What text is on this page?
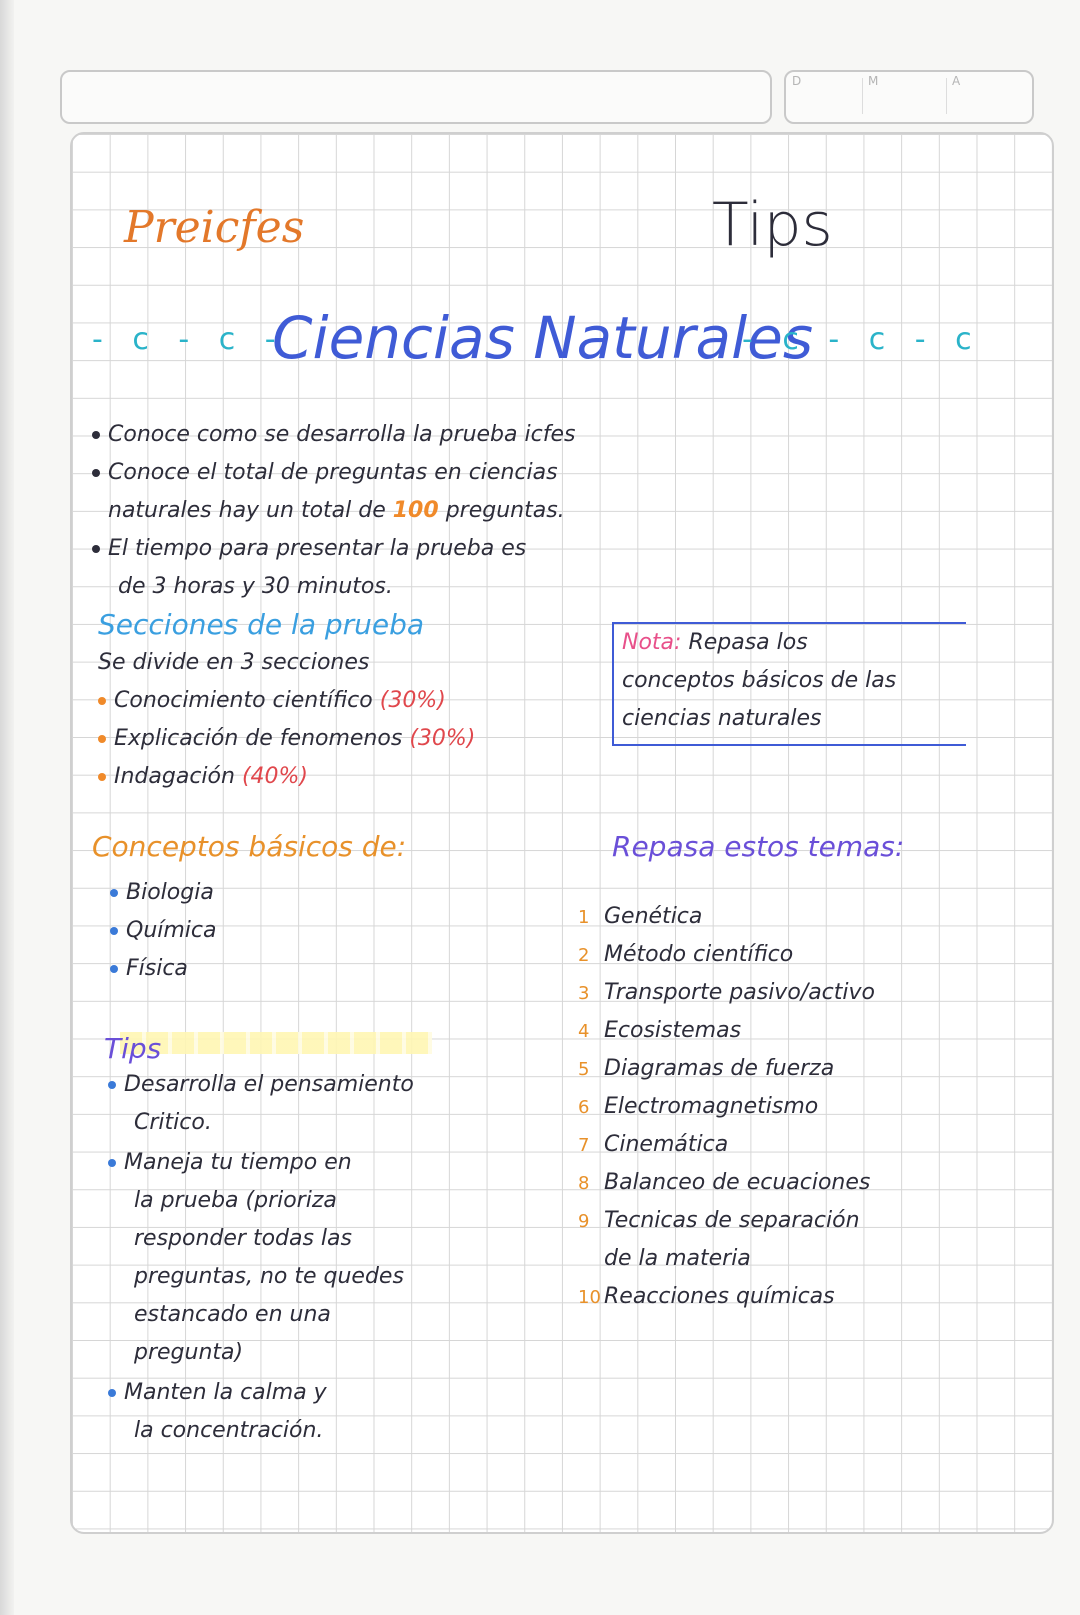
D	M	A
Preicfes	Tips
- c - c -
Ciencias Naturales
- c - c - c
Conoce como se desarrolla la prueba icfes
Conoce el total de preguntas en ciencias
naturales hay un total de 100 preguntas.
El tiempo para presentar la prueba es
de 3 horas y 30 minutos.
Secciones de la prueba
Se divide en 3 secciones
Conocimiento científico (30%)
Explicación de fenomenos (30%)
Indagación (40%)
Nota: Repasa los
conceptos básicos de las
ciencias naturales
Conceptos básicos de:
Biologia
Química
Física
Repasa estos temas:
1 Genética
2 Método científico
3 Transporte pasivo/activo
4 Ecosistemas
5 Diagramas de fuerza
6 Electromagnetismo
7 Cinemática
8 Balanceo de ecuaciones
9 Tecnicas de separación
de la materia
10 Reacciones químicas
Tips
Desarrolla el pensamiento
Critico.
Maneja tu tiempo en
la prueba (prioriza
responder todas las
preguntas, no te quedes
estancado en una
pregunta)
Manten la calma y
la concentración.
